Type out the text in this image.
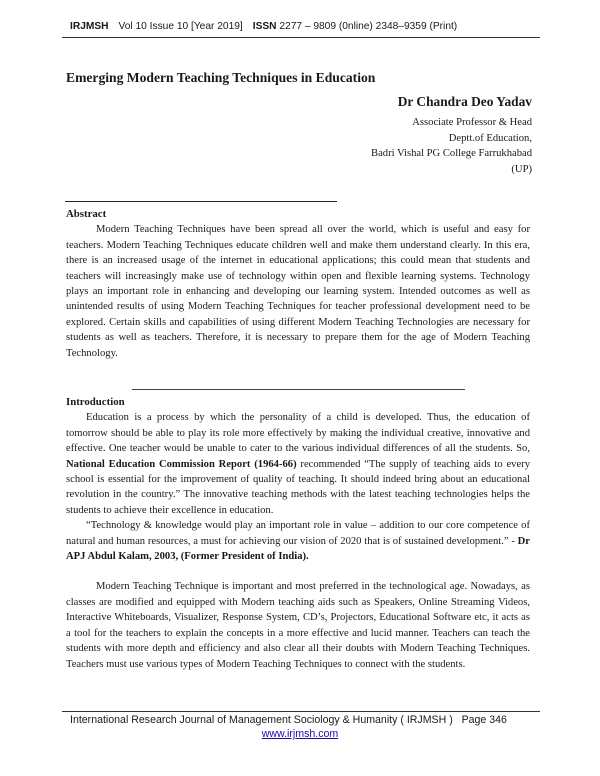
IRJMSH Vol 10 Issue 10 [Year 2019] ISSN 2277 – 9809 (0nline) 2348–9359 (Print)
Emerging Modern Teaching Techniques in Education
Dr Chandra Deo Yadav
Associate Professor & Head
Deptt.of Education,
Badri Vishal PG College Farrukhabad
(UP)

Abstract

Modern Teaching Techniques have been spread all over the world, which is useful and easy for teachers. Modern Teaching Techniques educate children well and make them understand clearly. In this era, there is an increased usage of the internet in educational applications; this could mean that students and teachers will increasingly make use of technology within open and flexible learning systems. Technology plays an important role in enhancing and developing our learning system. Intended outcomes as well as unintended results of using Modern Teaching Techniques for teacher professional development need to be explored. Certain skills and capabilities of using different Modern Teaching Technologies are necessary for students as well as teachers. Therefore, it is necessary to prepare them for the age of Modern Teaching Technology.

Introduction

Education is a process by which the personality of a child is developed. Thus, the education of tomorrow should be able to play its role more effectively by making the individual creative, innovative and effective. One teacher would be unable to cater to the various individual differences of all the students. So, National Education Commission Report (1964-66) recommended “The supply of teaching aids to every school is essential for the improvement of quality of teaching. It should indeed bring about an educational revolution in the country.” The innovative teaching methods with the latest teaching technologies helps the students to achieve their excellence in education.

“Technology & knowledge would play an important role in value – addition to our core competence of natural and human resources, a must for achieving our vision of 2020 that is of sustained development.” - Dr APJ Abdul Kalam, 2003, (Former President of India).

Modern Teaching Technique is important and most preferred in the technological age. Nowadays, as classes are modified and equipped with Modern teaching aids such as Speakers, Online Streaming Videos, Interactive Whiteboards, Visualizer, Response System, CD’s, Projectors, Educational Software etc, it acts as a tool for the teachers to explain the concepts in a more effective and lucid manner. Teachers can teach the students with more depth and efficiency and also clear all their doubts with Modern Teaching Techniques. Teachers must use various types of Modern Teaching Techniques to connect with the students.

International Research Journal of Management Sociology & Humanity ( IRJMSH ) Page 346
www.irjmsh.com
